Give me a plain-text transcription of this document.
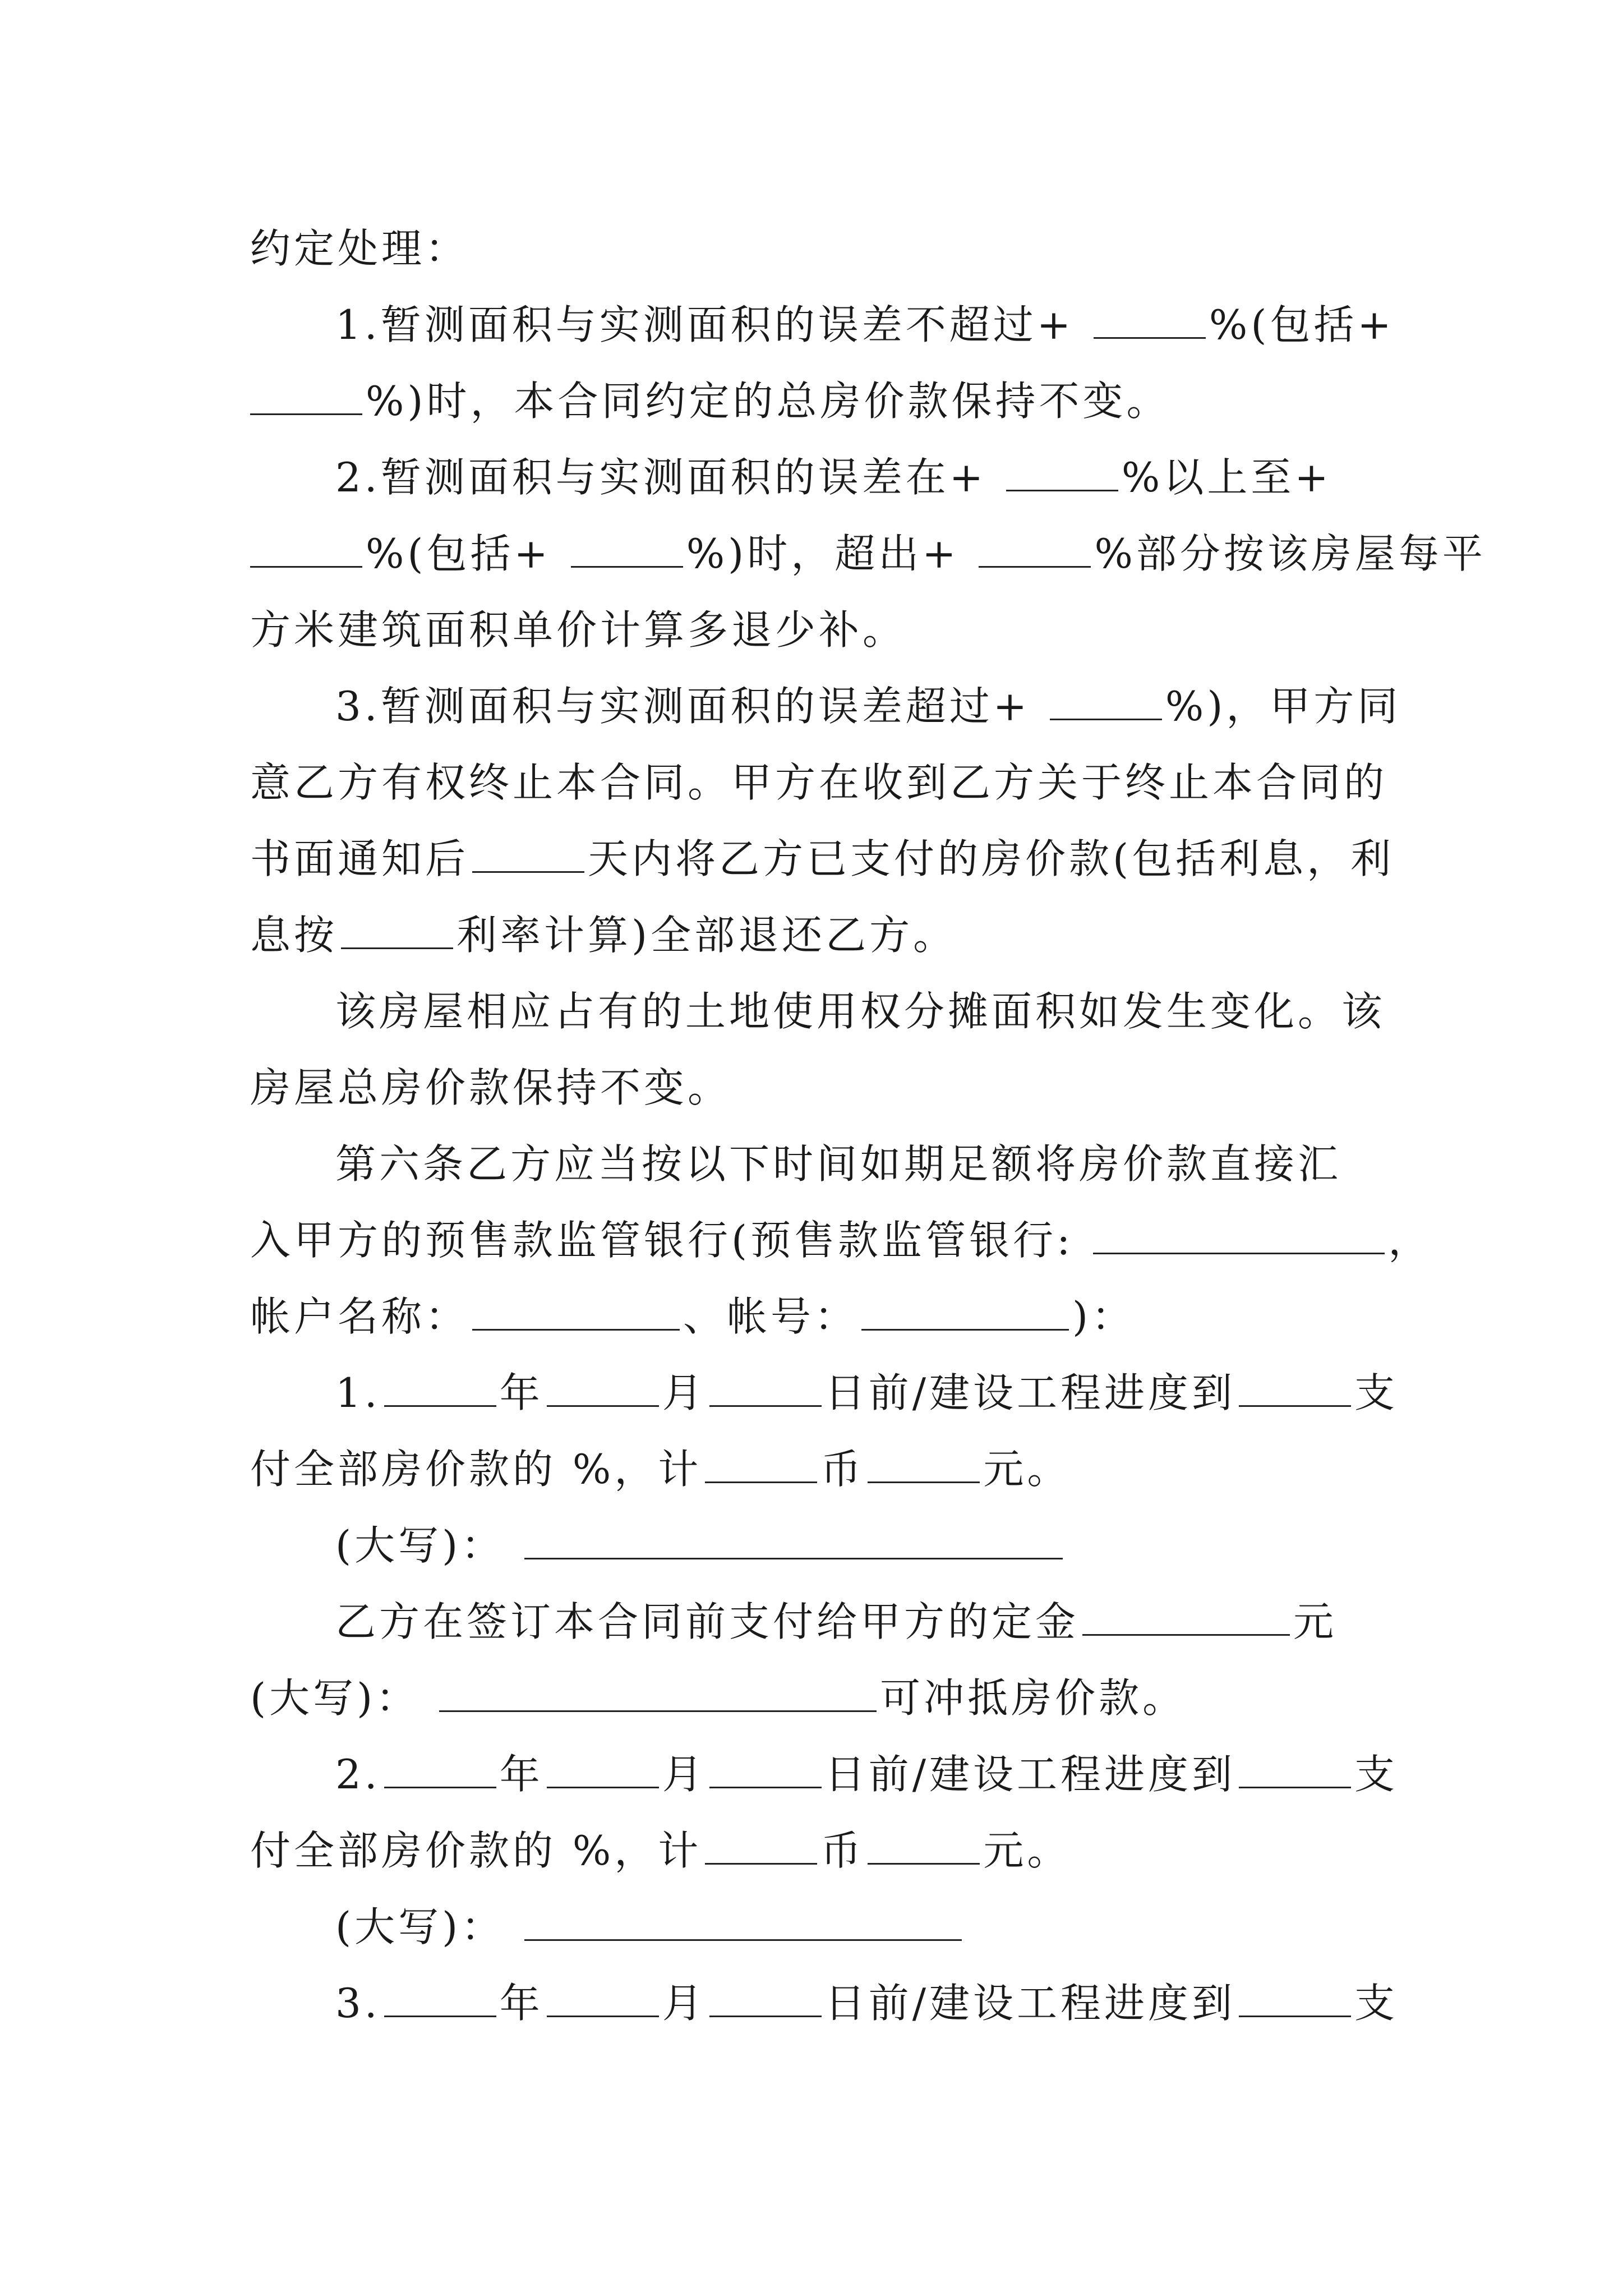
约定处理：
1.暂测面积与实测面积的误差不超过+	%(包括+
%)时，本合同约定的总房价款保持不变。
2.暂测面积与实测面积的误差在+	%以上至+
%(包括+	%)时，超出+	%部分按该房屋每平
方米建筑面积单价计算多退少补。
3.暂测面积与实测面积的误差超过+	%)，甲方同
意乙方有权终止本合同。甲方在收到乙方关于终止本合同的
书面通知后	天内将乙方已支付的房价款(包括利息，利
息按	利率计算)全部退还乙方。
该房屋相应占有的土地使用权分摊面积如发生变化。该
房屋总房价款保持不变。
第六条乙方应当按以下时间如期足额将房价款直接汇
入甲方的预售款监管银行(预售款监管银行:	，
帐户名称：	、帐号：	)：
1.	年	月	日前/建设工程进度到	支
付全部房价款的 %，计	币	元。
(大写)：
乙方在签订本合同前支付给甲方的定金	元
(大写)：	可冲抵房价款。
2.	年	月	日前/建设工程进度到	支
付全部房价款的 %，计	币	元。
(大写)：
3.	年	月	日前/建设工程进度到	支
